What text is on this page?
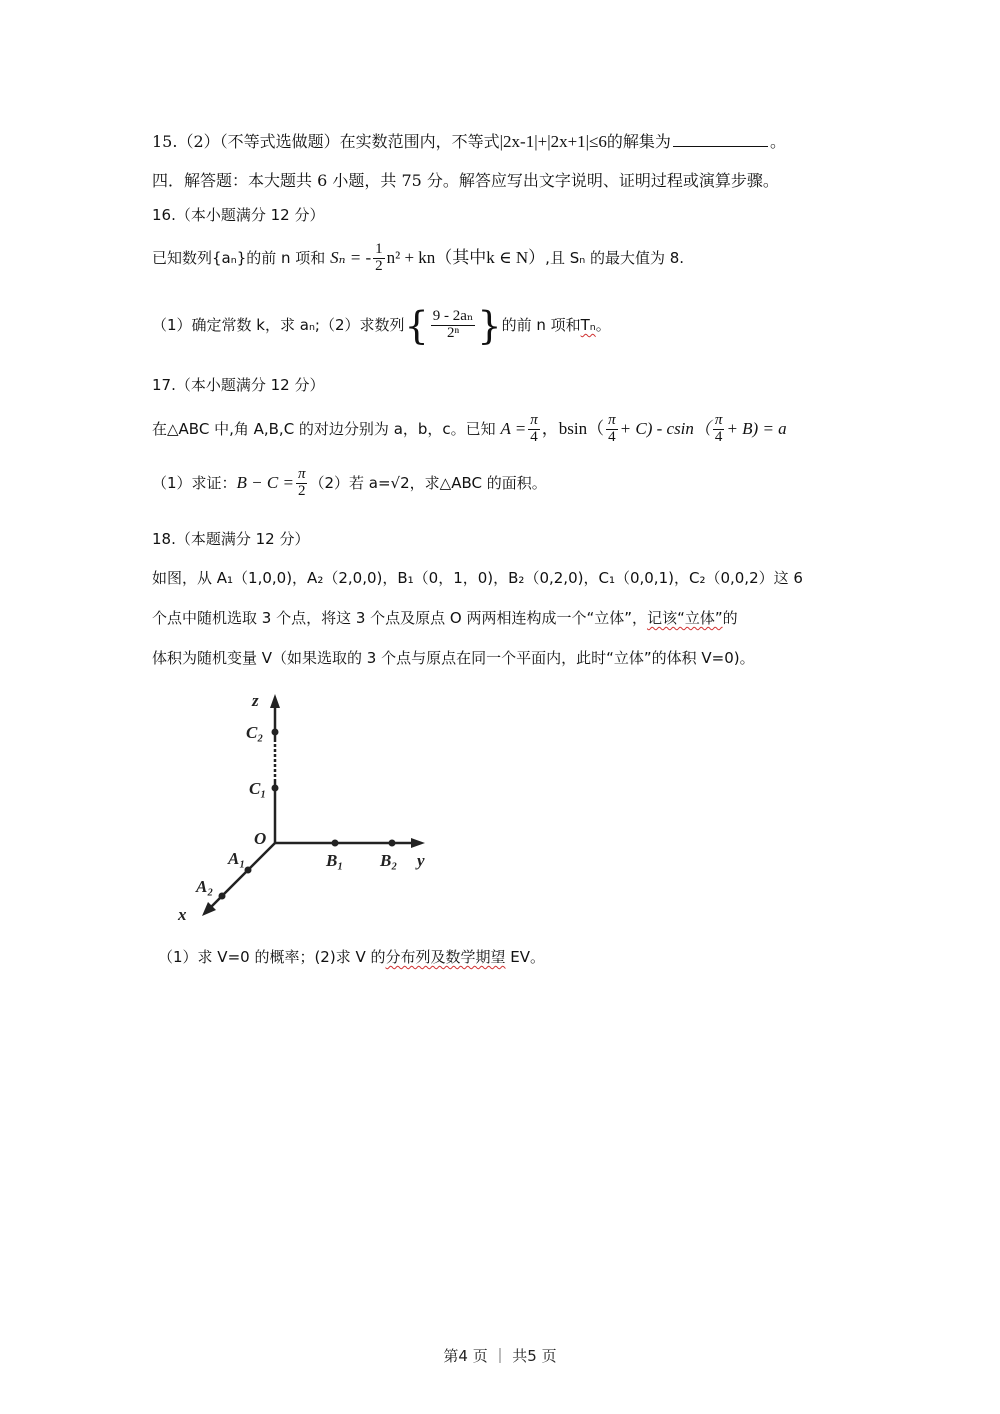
15.（2）（不等式选做题）在实数范围内，不等式|2x-1|+|2x+1|≤6的解集为	。
四．解答题：本大题共 6 小题，共 75 分。解答应写出文字说明、证明过程或演算步骤。
16.（本小题满分 12 分）
已知数列{aₙ}的前 n 项和 Sₙ = - $\frac{1}{2} n^2 + kn$（其中k ∈ N）,且 Sₙ 的最大值为 8.
（1）确定常数 k，求 aₙ;（2）求数列{ $\frac{\text{9 - 2aₙ}}{\text{2ⁿ}}$ }的前 n 项和Tₙ。
17.（本小题满分 12 分）
在△ABC 中,角 A,B,C 的对边分别为 a，b，c。已知 $A = \frac{\pi}{4}$ ，$bsin( \frac{\pi}{4} + C) - csin( \frac{\pi}{4} + B) = a$
（1）求证：$B - C = \frac{\pi}{2} (2)$若 a=√2，求△ABC 的面积。
18.（本题满分 12 分）
如图，从 A₁（1,0,0)，A₂（2,0,0)，B₁（0，1，0)，B₂（0,2,0)，C₁（0,0,1)，C₂（0,0,2）这 6
个点中随机选取 3 个点，将这 3 个点及原点 O 两两相连构成一个“立体”，记该“立体”的
体积为随机变量 V（如果选取的 3 个点与原点在同一个平面内，此时“立体”的体积 V=0)。
z
C₂
C₁
O
A₁
A₂
x
B₁ B₂ y
（1）求 V=0 的概率；(2)求 V 的分布列及数学期望 EV。
第4 页 ｜ 共5 页
